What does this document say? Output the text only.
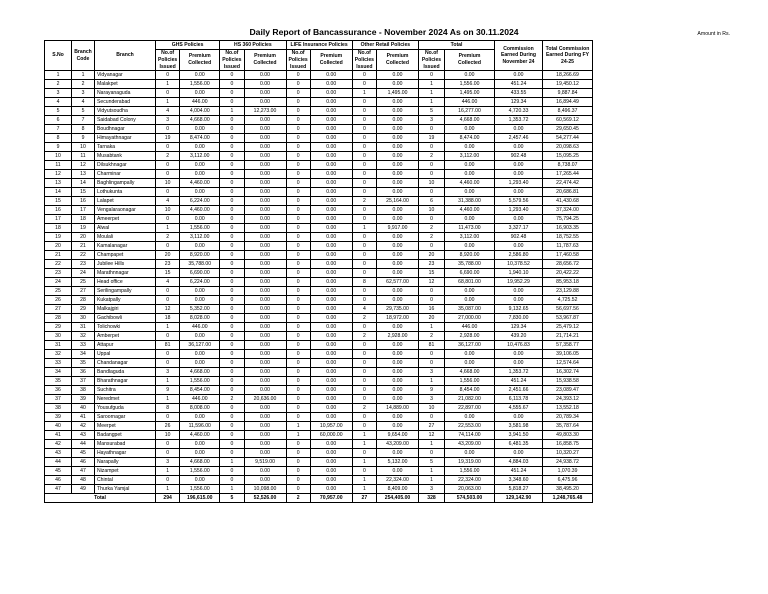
Daily Report of Bancassurance - November 2024 As on 30.11.2024	Amount in Rs.
S.No	Branch Code	Branch	GHS Policies		HS 360 Policies		LIFE Insurance Policies		Other Retail Policies		Total		Commission Earned During November 24	Total Commission Earned During FY 24-25
			No.of Policies Issued	Premium Collected	No.of Policies Issued	Premium Collected	No.of Policies Issued	Premium Collected	No.of Policies Issued	Premium Collected	No.of Policies Issued	Premium Collected		
1	1	Vidyanagar	0	0.00	0	0.00	0	0.00	0	0.00	0	0.00	0.00	18,266.69
2	2	Malakpet	1	1,556.00	0	0.00	0	0.00	0	0.00	1	1,556.00	451.24	19,450.12
3	3	Narayanaguda	0	0.00	0	0.00	0	0.00	1	1,495.00	1	1,495.00	433.55	9,887.84
4	4	Secunderabad	1	446.00	0	0.00	0	0.00	0	0.00	1	446.00	129.34	16,894.49
5	5	Vidyutsoudha	4	4,004.00	1	12,273.00	0	0.00	0	0.00	5	16,277.00	4,720.33	8,496.37
6	7	Saidabad Colony	3	4,668.00	0	0.00	0	0.00	0	0.00	3	4,668.00	1,353.72	60,569.12
7	8	Boudhnagar	0	0.00	0	0.00	0	0.00	0	0.00	0	0.00	0.00	29,650.45
8	9	Himayathnagar	19	8,474.00	0	0.00	0	0.00	0	0.00	19	8,474.00	2,457.46	54,277.44
9	10	Tarnaka	0	0.00	0	0.00	0	0.00	0	0.00	0	0.00	0.00	20,098.63
10	11	Musabtank	2	3,112.00	0	0.00	0	0.00	0	0.00	2	3,112.00	902.48	15,095.25
11	12	Dilsukhnagar	0	0.00	0	0.00	0	0.00	0	0.00	0	0.00	0.00	8,738.07
12	13	Charminar	0	0.00	0	0.00	0	0.00	0	0.00	0	0.00	0.00	17,265.44
13	14	Baghlingampally	10	4,460.00	0	0.00	0	0.00	0	0.00	10	4,460.00	1,293.40	22,474.42
14	15	Lothukunta	0	0.00	0	0.00	0	0.00	0	0.00	0	0.00	0.00	20,686.81
15	16	Lalapet	4	6,224.00	0	0.00	0	0.00	2	25,164.00	6	31,388.00	5,579.56	41,430.68
16	17	Vengalaraonagar	10	4,460.00	0	0.00	0	0.00	0	0.00	10	4,460.00	1,293.40	37,324.00
17	18	Ameerpet	0	0.00	0	0.00	0	0.00	0	0.00	0	0.00	0.00	75,794.25
18	19	Alwal	1	1,556.00	0	0.00	0	0.00	1	9,917.00	2	11,473.00	3,327.17	16,903.35
19	20	Moulali	2	3,112.00	0	0.00	0	0.00	0	0.00	2	3,112.00	902.48	18,752.55
20	21	Kamalanagar	0	0.00	0	0.00	0	0.00	0	0.00	0	0.00	0.00	11,787.63
21	22	Champapet	20	8,920.00	0	0.00	0	0.00	0	0.00	20	8,920.00	2,586.80	17,460.58
22	23	Jubilee Hills	23	35,788.00	0	0.00	0	0.00	0	0.00	23	35,788.00	10,378.52	28,656.72
23	24	Marathnnagar	15	6,690.00	0	0.00	0	0.00	0	0.00	15	6,690.00	1,940.10	20,422.22
24	25	Head office	4	6,224.00	0	0.00	0	0.00	8	62,577.00	12	68,801.00	19,952.29	85,953.18
25	27	Serilingampally	0	0.00	0	0.00	0	0.00	0	0.00	0	0.00	0.00	23,129.88
26	28	Kukatpally	0	0.00	0	0.00	0	0.00	0	0.00	0	0.00	0.00	4,725.52
27	29	Malkajgiri	12	5,352.00	0	0.00	0	0.00	4	29,735.00	16	35,087.00	9,132.65	56,697.56
28	30	Gachibowli	18	8,028.00	0	0.00	0	0.00	2	18,972.00	20	27,000.00	7,830.00	53,967.87
29	31	Tolichowki	1	446.00	0	0.00	0	0.00	0	0.00	1	446.00	129.34	25,479.12
30	32	Amberpet	0	0.00	0	0.00	0	0.00	2	2,928.00	2	2,928.00	439.20	21,714.21
31	33	Attapur	81	36,127.00	0	0.00	0	0.00	0	0.00	81	36,127.00	10,476.83	57,358.77
32	34	Uppal	0	0.00	0	0.00	0	0.00	0	0.00	0	0.00	0.00	39,106.05
33	35	Chandanagar	0	0.00	0	0.00	0	0.00	0	0.00	0	0.00	0.00	12,574.64
34	36	Bandlaguda	3	4,668.00	0	0.00	0	0.00	0	0.00	3	4,668.00	1,353.72	16,302.74
35	37	Bharathnagar	1	1,556.00	0	0.00	0	0.00	0	0.00	1	1,556.00	451.24	15,938.58
36	38	Suchitra	9	8,454.00	0	0.00	0	0.00	0	0.00	9	8,454.00	2,451.66	23,089.47
37	39	Neredmet	1	446.00	2	20,636.00	0	0.00	0	0.00	3	21,082.00	6,113.78	24,393.12
38	40	Yousufguda	8	8,008.00	0	0.00	0	0.00	2	14,889.00	10	22,897.00	4,555.67	13,552.18
39	41	Saroornagar	0	0.00	0	0.00	0	0.00	0	0.00	0	0.00	0.00	20,789.34
40	42	Meerpet	26	11,596.00	0	0.00	1	10,957.00	0	0.00	27	22,553.00	3,581.98	35,787.64
41	43	Badangpet	10	4,460.00	0	0.00	1	60,000.00	1	9,654.00	12	74,114.00	3,941.50	49,803.30
42	44	Mansurabad	0	0.00	0	0.00	0	0.00	1	43,209.00	1	43,209.00	6,481.35	16,858.75
43	45	Hayathnagar	0	0.00	0	0.00	0	0.00	0	0.00	0	0.00	0.00	10,320.27
44	46	Narapally	3	4,668.00	1	9,519.00	0	0.00	1	5,132.00	5	19,319.00	4,884.03	24,938.72
45	47	Nizampet	1	1,556.00	0	0.00	0	0.00	0	0.00	1	1,556.00	451.24	1,070.39
46	48	Chintal	0	0.00	0	0.00	0	0.00	1	22,324.00	1	22,324.00	3,348.60	6,475.96
47	49	Thurka Yamjal	1	1,556.00	1	10,098.00	0	0.00	1	8,409.00	3	20,063.00	5,818.27	38,495.20
Total			294	196,615.00	5	52,526.00	2	70,957.00	27	254,405.00	328	574,503.00	129,142.90	1,248,765.48
